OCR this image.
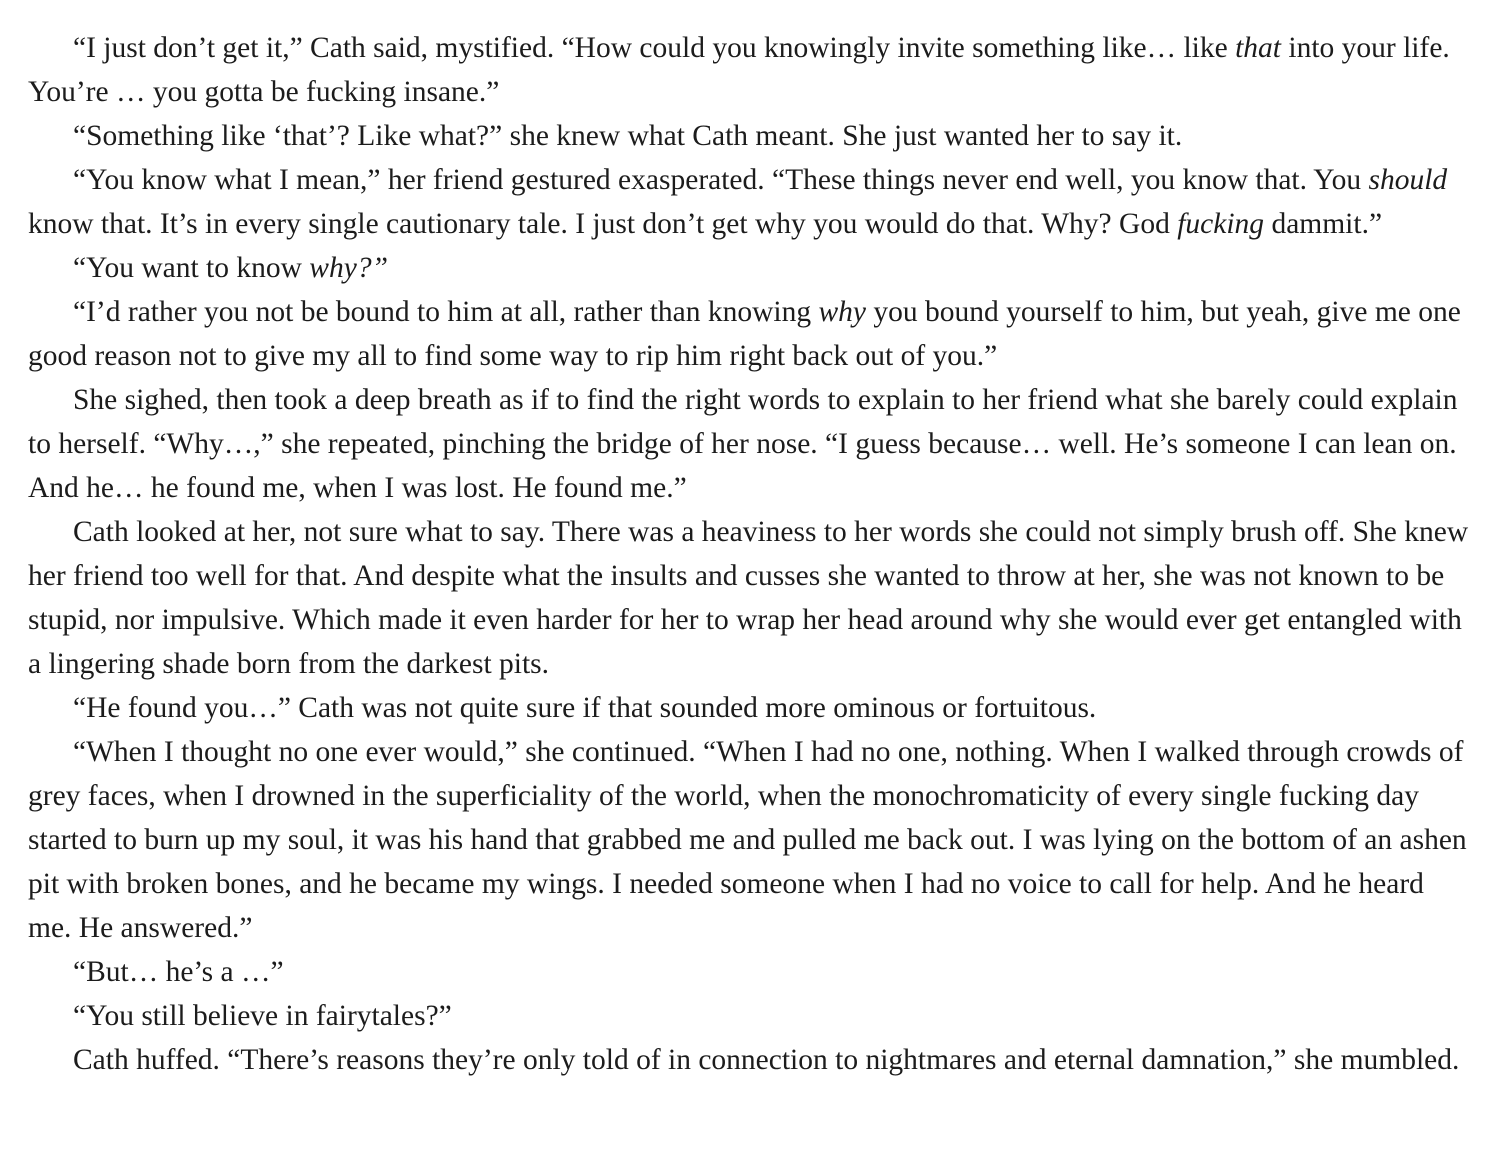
“I just don’t get it,” Cath said, mystified. “How could you knowingly invite something like… like that into your life. You’re … you gotta be fucking insane.”

“Something like ‘that’? Like what?” she knew what Cath meant. She just wanted her to say it.

“You know what I mean,” her friend gestured exasperated. “These things never end well, you know that. You should know that. It’s in every single cautionary tale. I just don’t get why you would do that. Why? God fucking dammit.”

“You want to know why?”

“I’d rather you not be bound to him at all, rather than knowing why you bound yourself to him, but yeah, give me one good reason not to give my all to find some way to rip him right back out of you.”

She sighed, then took a deep breath as if to find the right words to explain to her friend what she barely could explain to herself. “Why…,” she repeated, pinching the bridge of her nose. “I guess because… well. He’s someone I can lean on. And he… he found me, when I was lost. He found me.”

Cath looked at her, not sure what to say. There was a heaviness to her words she could not simply brush off. She knew her friend too well for that. And despite what the insults and cusses she wanted to throw at her, she was not known to be stupid, nor impulsive. Which made it even harder for her to wrap her head around why she would ever get entangled with a lingering shade born from the darkest pits.

“He found you…” Cath was not quite sure if that sounded more ominous or fortuitous.

“When I thought no one ever would,” she continued. “When I had no one, nothing. When I walked through crowds of grey faces, when I drowned in the superficiality of the world, when the monochromaticity of every single fucking day started to burn up my soul, it was his hand that grabbed me and pulled me back out. I was lying on the bottom of an ashen pit with broken bones, and he became my wings. I needed someone when I had no voice to call for help. And he heard me. He answered.”

“But… he’s a …”

“You still believe in fairytales?”

Cath huffed. “There’s reasons they’re only told of in connection to nightmares and eternal damnation,” she mumbled.
